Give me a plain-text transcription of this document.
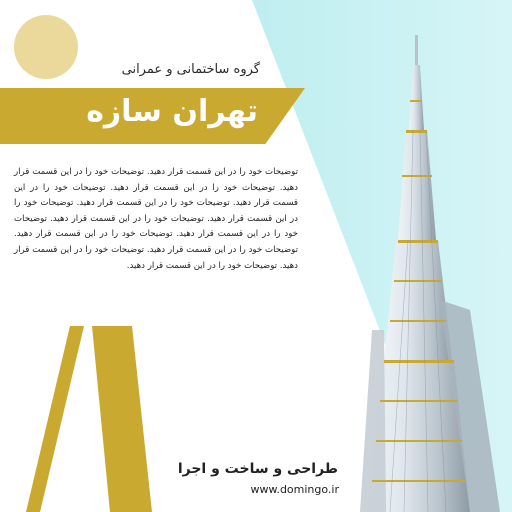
گروه ساختمانی و عمرانی
تهران سازه
توضیحات خود را در این قسمت قرار دهید. توضیحات خود را در این قسمت قرار دهید. توضیحات خود را در این قسمت قرار دهید. توضیحات خود را در این قسمت قرار دهید. توضیحات خود را در این قسمت قرار دهید. توضیحات خود را در این قسمت قرار دهید. توضیحات خود را در این قسمت قرار دهید. توضیحات خود را در این قسمت قرار دهید. توضیحات خود را در این قسمت قرار دهید. توضیحات خود را در این قسمت قرار دهید. توضیحات خود را در این قسمت قرار دهید. توضیحات خود را در این قسمت قرار دهید.
طراحی و ساخت و اجرا
www.domingo.ir
